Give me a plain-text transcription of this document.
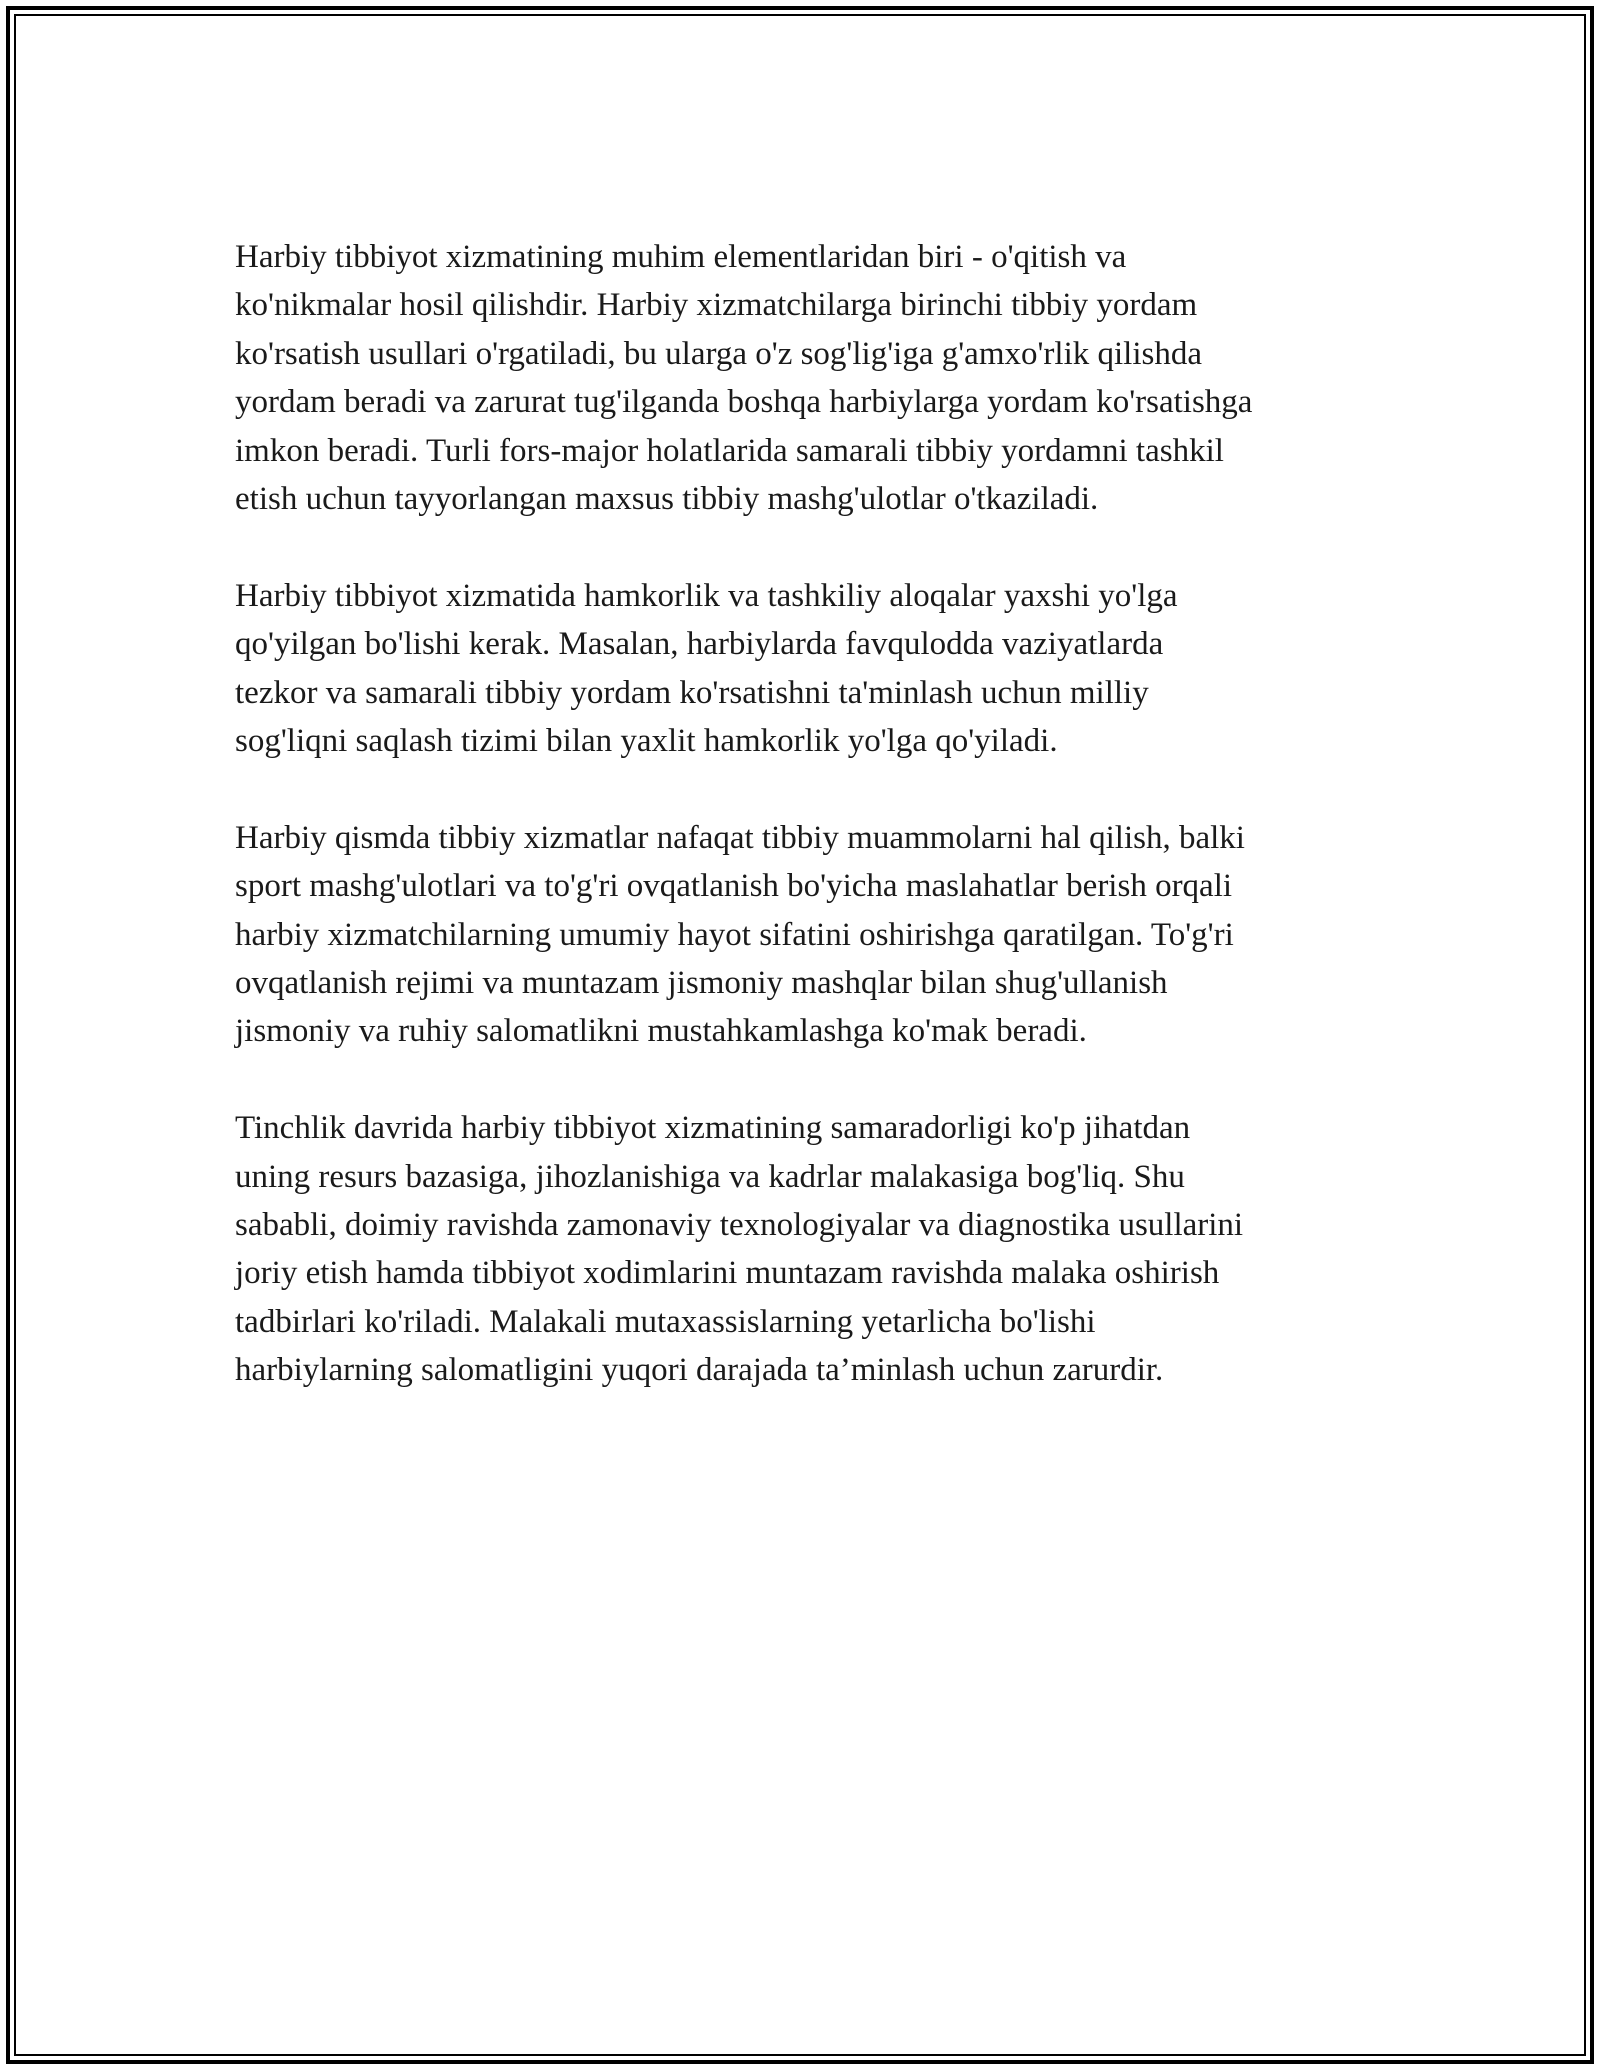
Harbiy tibbiyot xizmatining muhim elementlaridan biri - o'qitish va
ko'nikmalar hosil qilishdir. Harbiy xizmatchilarga birinchi tibbiy yordam
ko'rsatish usullari o'rgatiladi, bu ularga o'z sog'lig'iga g'amxo'rlik qilishda
yordam beradi va zarurat tug'ilganda boshqa harbiylarga yordam ko'rsatishga
imkon beradi. Turli fors-major holatlarida samarali tibbiy yordamni tashkil
etish uchun tayyorlangan maxsus tibbiy mashg'ulotlar o'tkaziladi.

Harbiy tibbiyot xizmatida hamkorlik va tashkiliy aloqalar yaxshi yo'lga
qo'yilgan bo'lishi kerak. Masalan, harbiylarda favqulodda vaziyatlarda
tezkor va samarali tibbiy yordam ko'rsatishni ta'minlash uchun milliy
sog'liqni saqlash tizimi bilan yaxlit hamkorlik yo'lga qo'yiladi.

Harbiy qismda tibbiy xizmatlar nafaqat tibbiy muammolarni hal qilish, balki
sport mashg'ulotlari va to'g'ri ovqatlanish bo'yicha maslahatlar berish orqali
harbiy xizmatchilarning umumiy hayot sifatini oshirishga qaratilgan. To'g'ri
ovqatlanish rejimi va muntazam jismoniy mashqlar bilan shug'ullanish
jismoniy va ruhiy salomatlikni mustahkamlashga ko'mak beradi.

Tinchlik davrida harbiy tibbiyot xizmatining samaradorligi ko'p jihatdan
uning resurs bazasiga, jihozlanishiga va kadrlar malakasiga bog'liq. Shu
sababli, doimiy ravishda zamonaviy texnologiyalar va diagnostika usullarini
joriy etish hamda tibbiyot xodimlarini muntazam ravishda malaka oshirish
tadbirlari ko'riladi. Malakali mutaxassislarning yetarlicha bo'lishi
harbiylarning salomatligini yuqori darajada ta’minlash uchun zarurdir.
